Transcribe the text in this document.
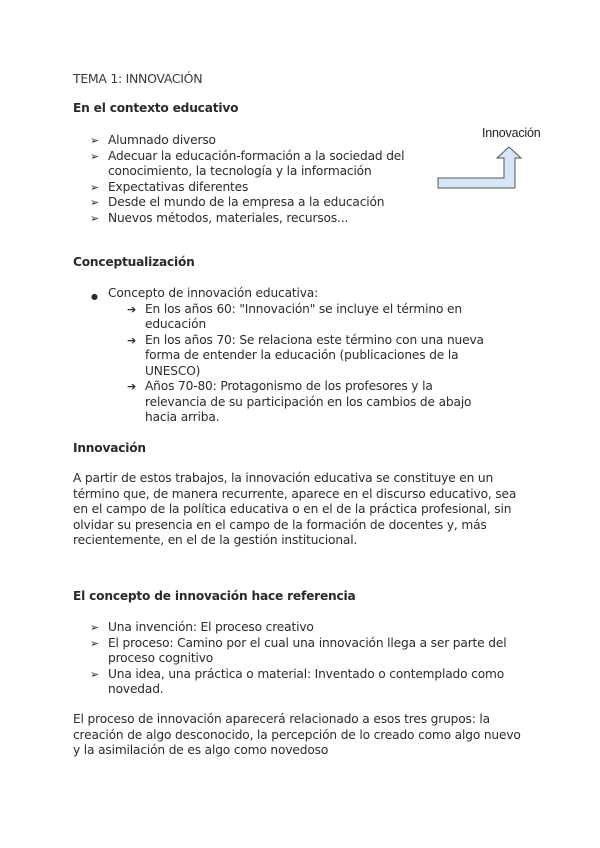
TEMA 1: INNOVACIÓN
En el contexto educativo
➢ Alumnado diverso
➢ Adecuar la educación-formación a la sociedad del conocimiento, la tecnología y la información
➢ Expectativas diferentes
➢ Desde el mundo de la empresa a la educación
➢ Nuevos métodos, materiales, recursos...
Innovación
Conceptualización
● Concepto de innovación educativa:
➔ En los años 60: "Innovación" se incluye el término en educación
➔ En los años 70: Se relaciona este término con una nueva forma de entender la educación (publicaciones de la UNESCO)
➔ Años 70-80: Protagonismo de los profesores y la relevancia de su participación en los cambios de abajo hacia arriba.
Innovación

A partir de estos trabajos, la innovación educativa se constituye en un término que, de manera recurrente, aparece en el discurso educativo, sea en el campo de la política educativa o en el de la práctica profesional, sin olvidar su presencia en el campo de la formación de docentes y, más recientemente, en el de la gestión institucional.

El concepto de innovación hace referencia
➢ Una invención: El proceso creativo
➢ El proceso: Camino por el cual una innovación llega a ser parte del proceso cognitivo
➢ Una idea, una práctica o material: Inventado o contemplado como novedad.

El proceso de innovación aparecerá relacionado a esos tres grupos: la creación de algo desconocido, la percepción de lo creado como algo nuevo y la asimilación de es algo como novedoso
